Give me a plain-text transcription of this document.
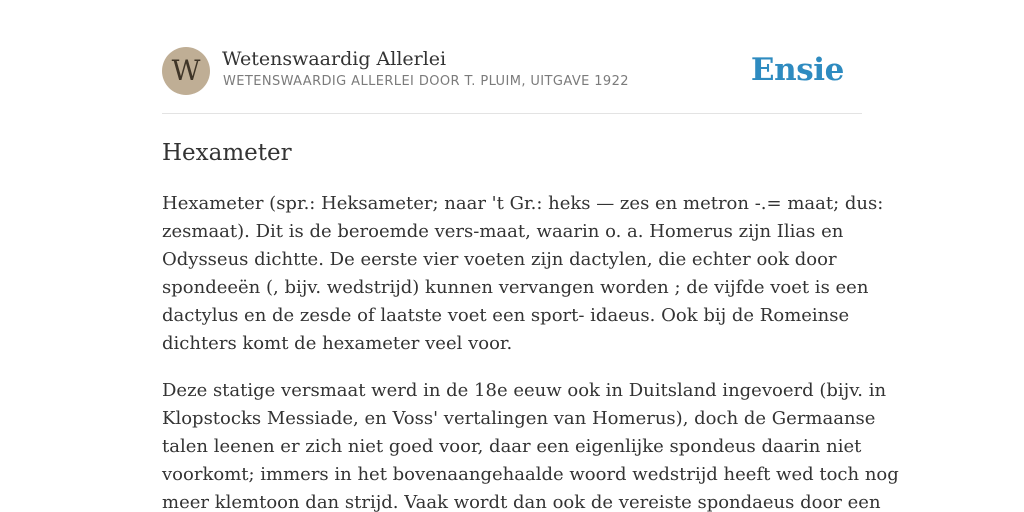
W	Wetenswaardig Allerlei
WETENSWAARDIG ALLERLEI DOOR T. PLUIM, UITGAVE 1922	Ensie
Hexameter

Hexameter (spr.: Heksameter; naar 't Gr.: heks — zes en metron -.= maat; dus:
zesmaat). Dit is de beroemde vers-maat, waarin o. a. Homerus zijn Ilias en
Odysseus dichtte. De eerste vier voeten zijn dactylen, die echter ook door
spondeeën (, bijv. wedstrijd) kunnen vervangen worden ; de vijfde voet is een
dactylus en de zesde of laatste voet een sport- idaeus. Ook bij de Romeinse
dichters komt de hexameter veel voor.

Deze statige versmaat werd in de 18e eeuw ook in Duitsland ingevoerd (bijv. in
Klopstocks Messiade, en Voss' vertalingen van Homerus), doch de Germaanse
talen leenen er zich niet goed voor, daar een eigenlijke spondeus daarin niet
voorkomt; immers in het bovenaangehaalde woord wedstrijd heeft wed toch nog
meer klemtoon dan strijd. Vaak wordt dan ook de vereiste spondaeus door een
